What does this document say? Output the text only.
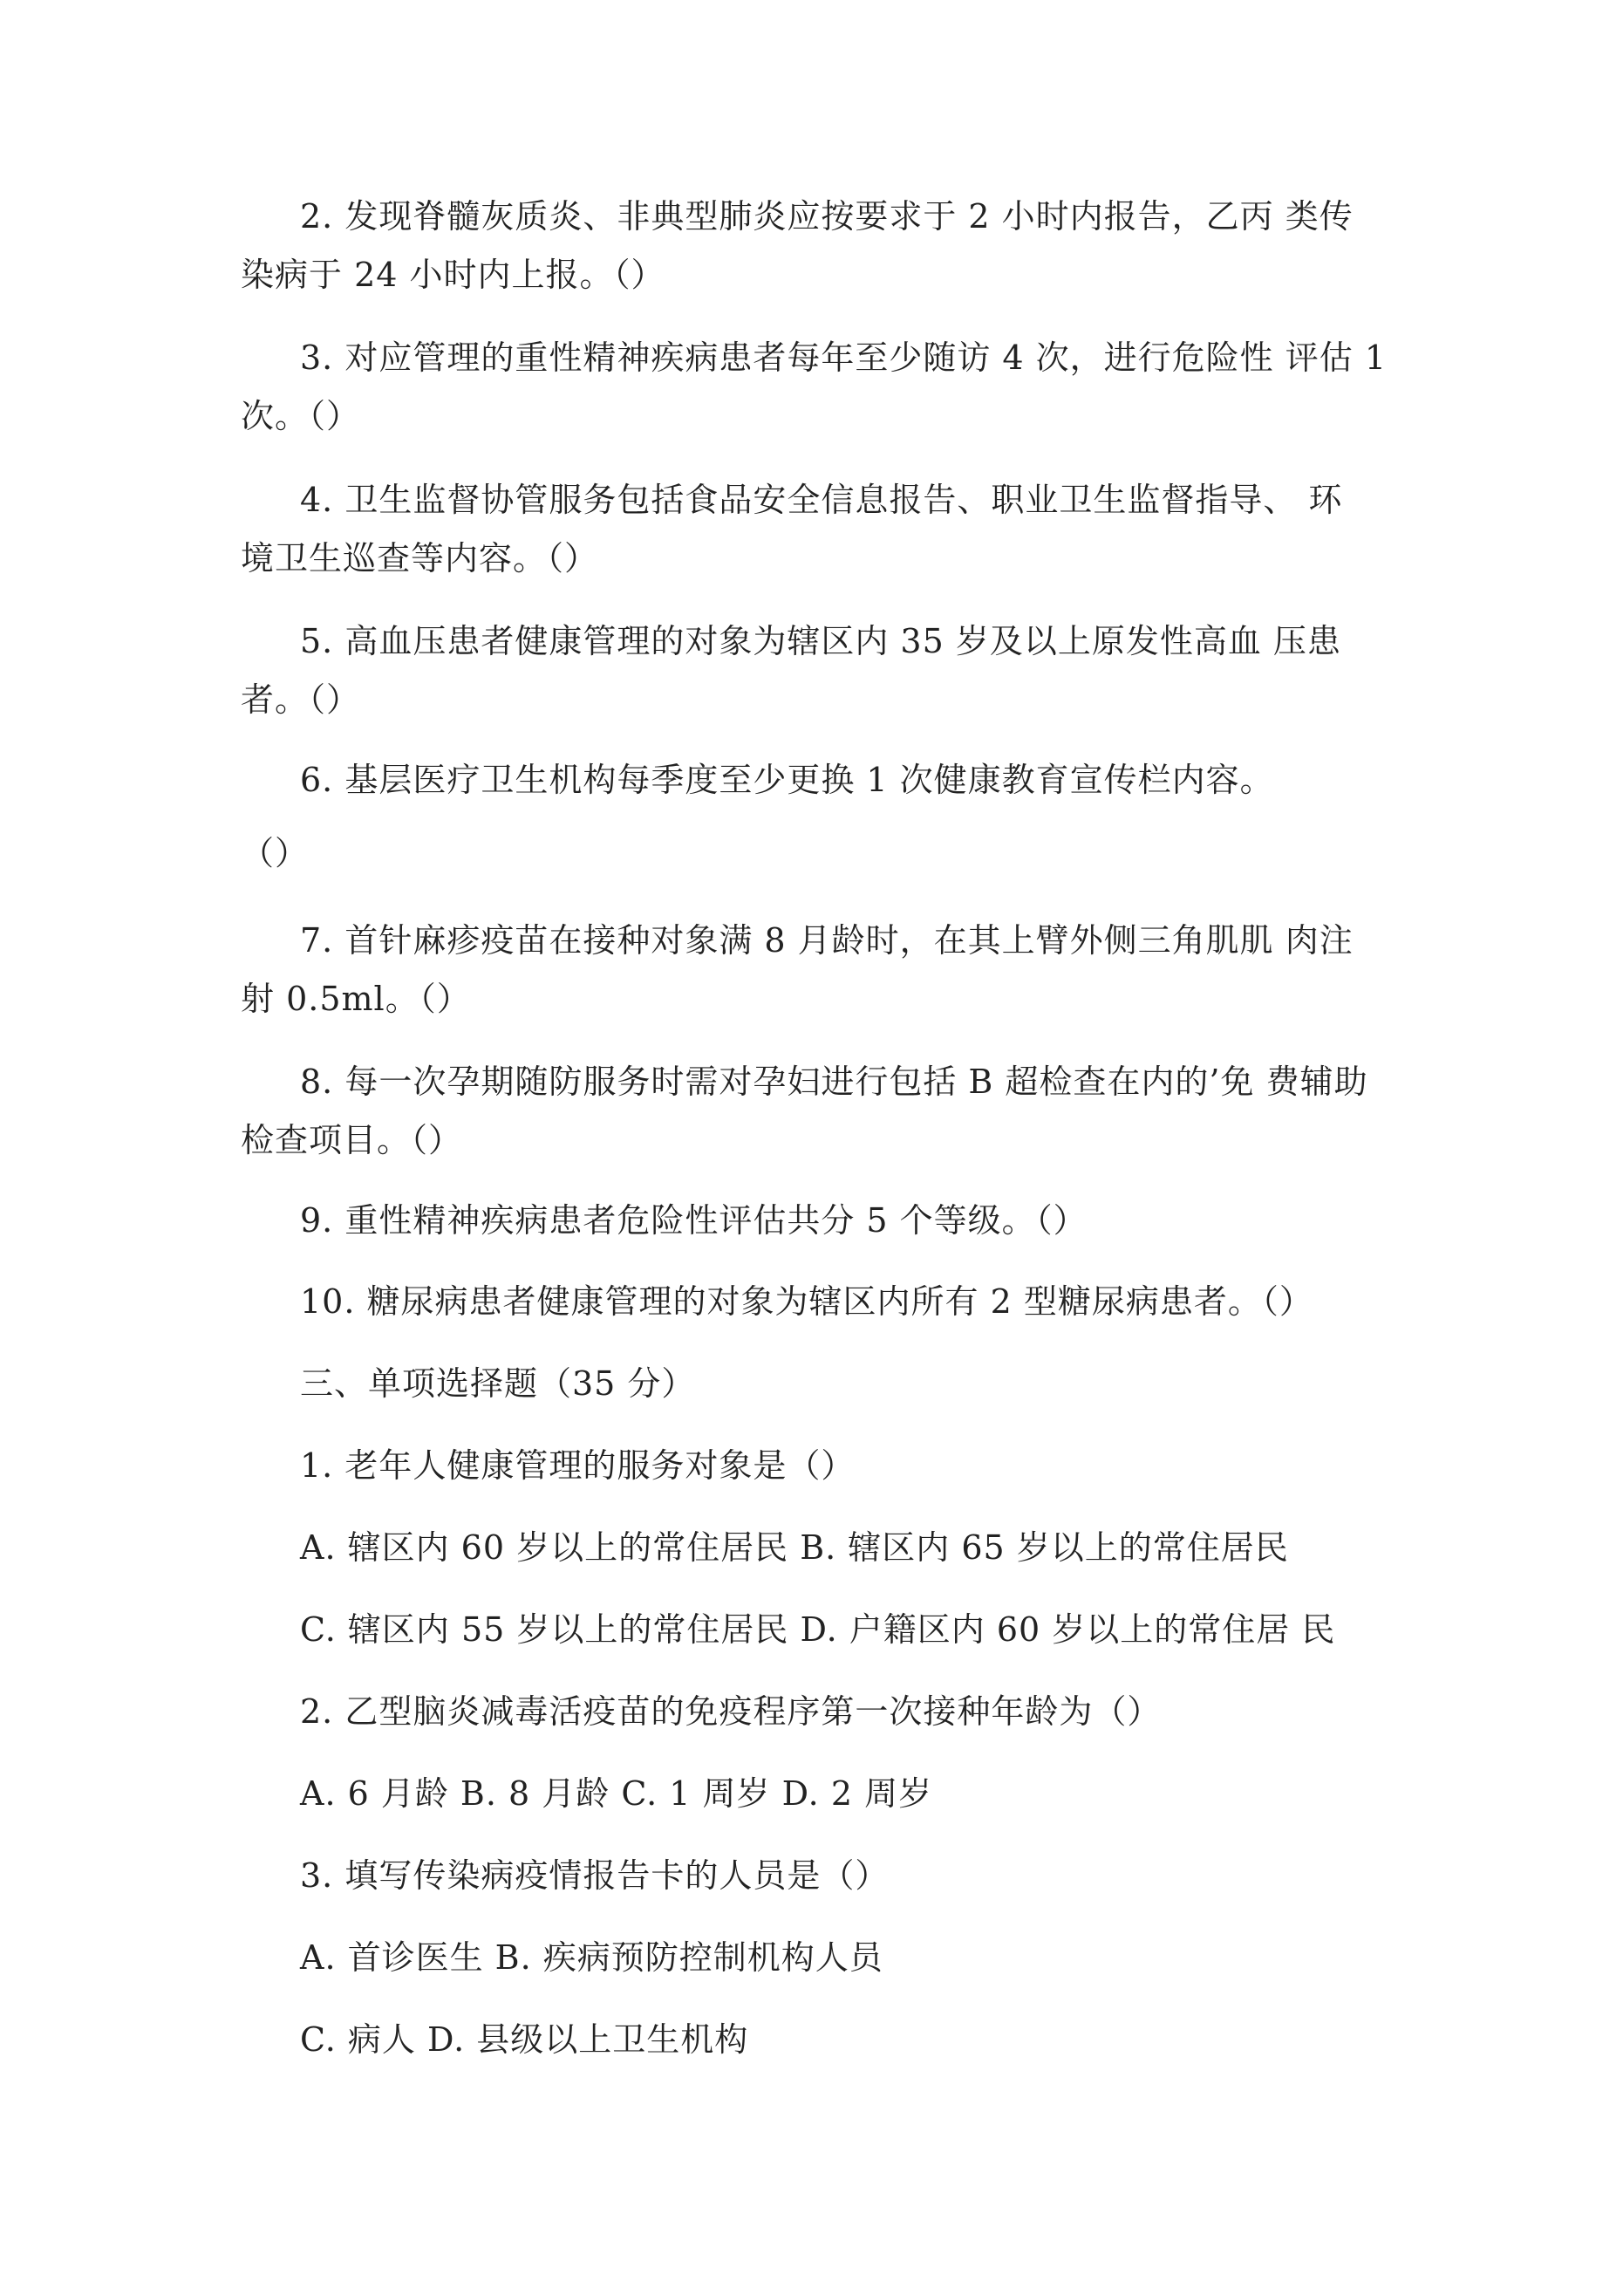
2. 发现脊髓灰质炎、非典型肺炎应按要求于 2 小时内报告，乙丙 类传
染病于 24 小时内上报。（）
3. 对应管理的重性精神疾病患者每年至少随访 4 次，进行危险性 评估 1
次。（）
4. 卫生监督协管服务包括食品安全信息报告、职业卫生监督指导、 环
境卫生巡查等内容。（）
5. 高血压患者健康管理的对象为辖区内 35 岁及以上原发性高血 压患
者。（）
6. 基层医疗卫生机构每季度至少更换 1 次健康教育宣传栏内容。
（）
7. 首针麻疹疫苗在接种对象满 8 月龄时，在其上臂外侧三角肌肌 肉注
射 0.5ml。（）
8. 每一次孕期随防服务时需对孕妇进行包括 B 超检查在内的’免 费辅助
检查项目。（）
9. 重性精神疾病患者危险性评估共分 5 个等级。（）
10. 糖尿病患者健康管理的对象为辖区内所有 2 型糖尿病患者。（）
三、单项选择题（35 分）
1. 老年人健康管理的服务对象是（）
A. 辖区内 60 岁以上的常住居民 B. 辖区内 65 岁以上的常住居民
C. 辖区内 55 岁以上的常住居民 D. 户籍区内 60 岁以上的常住居 民
2. 乙型脑炎减毒活疫苗的免疫程序第一次接种年龄为（）
A. 6 月龄 B. 8 月龄 C. 1 周岁 D. 2 周岁
3. 填写传染病疫情报告卡的人员是（）
A. 首诊医生 B. 疾病预防控制机构人员
C. 病人 D. 县级以上卫生机构
